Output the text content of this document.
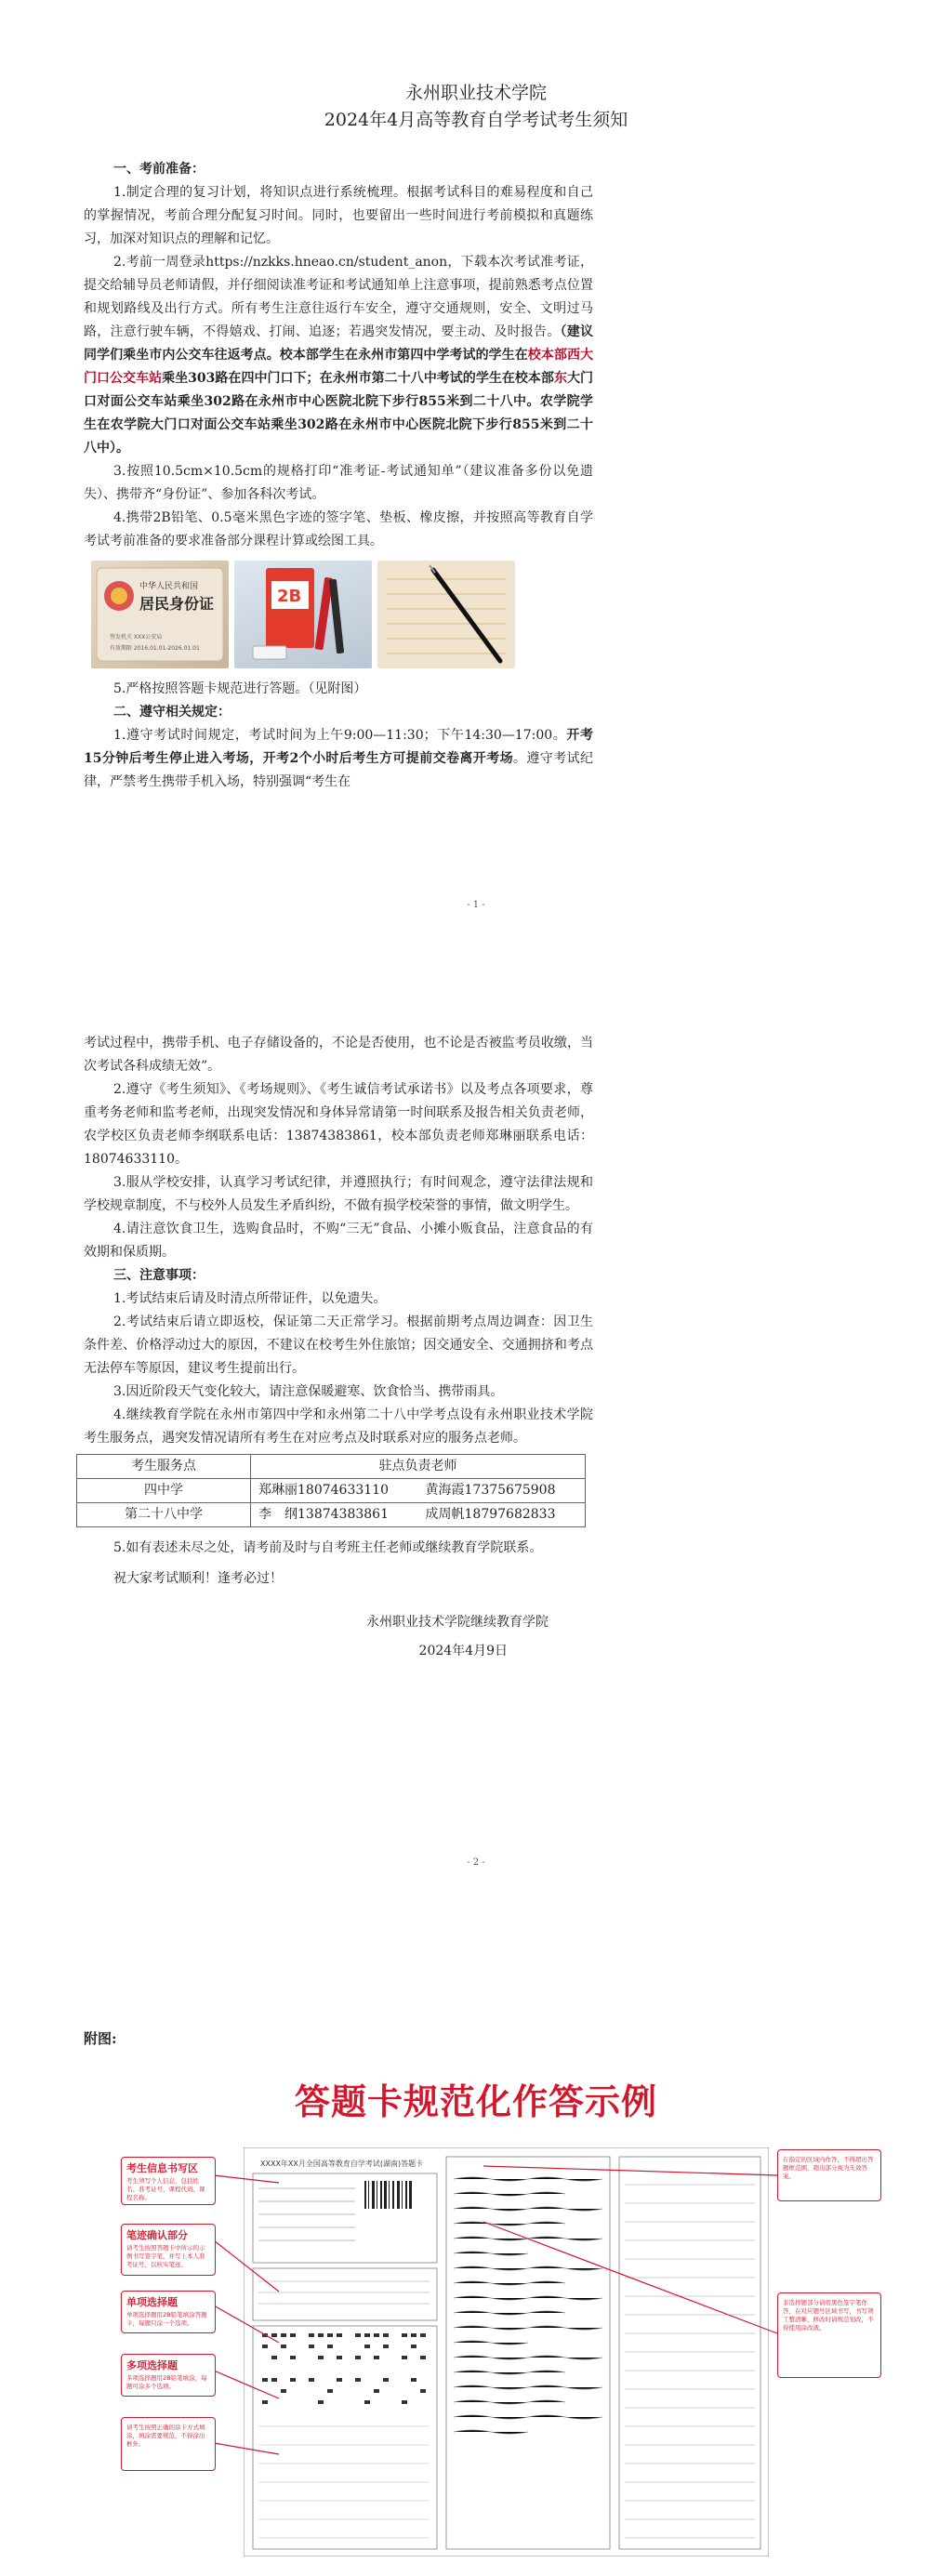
永州职业技术学院

2024年4月高等教育自学考试考生须知

一、考前准备：

1.制定合理的复习计划，将知识点进行系统梳理。根据考试科目的难易程度和自己的掌握情况，考前合理分配复习时间。同时，也要留出一些时间进行考前模拟和真题练习，加深对知识点的理解和记忆。

2.考前一周登录https://nzkks.hneao.cn/student_anon，下载本次考试准考证，提交给辅导员老师请假，并仔细阅读准考证和考试通知单上注意事项，提前熟悉考点位置和规划路线及出行方式。所有考生注意往返行车安全，遵守交通规则，安全、文明过马路，注意行驶车辆，不得嬉戏、打闹、追逐；若遇突发情况，要主动、及时报告。（建议同学们乘坐市内公交车往返考点。校本部学生在永州市第四中学考试的学生在校本部西大门口公交车站乘坐303路在四中门口下；在永州市第二十八中考试的学生在校本部东大门口对面公交车站乘坐302路在永州市中心医院北院下步行855米到二十八中。农学院学生在农学院大门口对面公交车站乘坐302路在永州市中心医院北院下步行855米到二十八中）。

3.按照10.5cm×10.5cm的规格打印“准考证-考试通知单”（建议准备多份以免遗失）、携带齐“身份证”、参加各科次考试。

4.携带2B铅笔、0.5毫米黑色字迹的签字笔、垫板、橡皮擦，并按照高等教育自学考试考前准备的要求准备部分课程计算或绘图工具。

中华人民共和国
居民身份证
签发机关 XXX公安局
有效期限 2016.01.01-2026.01.01
2B

5.严格按照答题卡规范进行答题。（见附图）

二、遵守相关规定：

1.遵守考试时间规定，考试时间为上午9:00—11:30；下午14:30—17:00。开考15分钟后考生停止进入考场，开考2个小时后考生方可提前交卷离开考场。遵守考试纪律，严禁考生携带手机入场，特别强调“考生在

- 1 -

考试过程中，携带手机、电子存储设备的，不论是否使用，也不论是否被监考员收缴，当次考试各科成绩无效”。

2.遵守《考生须知》、《考场规则》、《考生诚信考试承诺书》以及考点各项要求，尊重考务老师和监考老师，出现突发情况和身体异常请第一时间联系及报告相关负责老师，农学校区负责老师李纲联系电话：13874383861，校本部负责老师郑琳丽联系电话：18074633110。

3.服从学校安排，认真学习考试纪律，并遵照执行；有时间观念，遵守法律法规和学校规章制度，不与校外人员发生矛盾纠纷，不做有损学校荣誉的事情，做文明学生。

4.请注意饮食卫生，选购食品时，不购“三无”食品、小摊小贩食品，注意食品的有效期和保质期。

三、注意事项：

1.考试结束后请及时清点所带证件，以免遗失。

2.考试结束后请立即返校，保证第二天正常学习。根据前期考点周边调查：因卫生条件差、价格浮动过大的原因，不建议在校考生外住旅馆；因交通安全、交通拥挤和考点无法停车等原因，建议考生提前出行。

3.因近阶段天气变化较大，请注意保暖避寒、饮食恰当、携带雨具。

4.继续教育学院在永州市第四中学和永州第二十八中学考点设有永州职业技术学院考生服务点，遇突发情况请所有考生在对应考点及时联系对应的服务点老师。

考生服务点	驻点负责老师	
四中学	郑琳丽18074633110	黄海霞17375675908
第二十八中学	李　纲13874383861	成周帆18797682833

5.如有表述未尽之处，请考前及时与自考班主任老师或继续教育学院联系。

祝大家考试顺利！逢考必过！

永州职业技术学院继续教育学院

2024年4月9日

- 2 -
附图:
答题卡规范化作答示例
XXXX年XX月全国高等教育自学考试(湖南)答题卡
考生信息书写区
考生须写个人信息，包括姓名、准考证号、课程代码、课程名称。
笔迹确认部分
请考生按照答题卡中所示的示例书写签字笔，并写上本人准考证号，以核实笔迹。
单项选择题
单项选择题用2B铅笔填涂答题卡，每题只涂一个选项。
多项选择题
多项选择题用2B铅笔填涂，每题可涂多个选项。
请考生按照正确的涂卡方式填涂，填涂需要规范，不得涂出框外。
在指定的区域内作答，不得超出答题框范围，超出部分视为无效答案。
非选择题部分请用黑色签字笔作答，在对应题号区域书写，书写须工整清晰，修改时请规范划改，不得使用涂改液。
